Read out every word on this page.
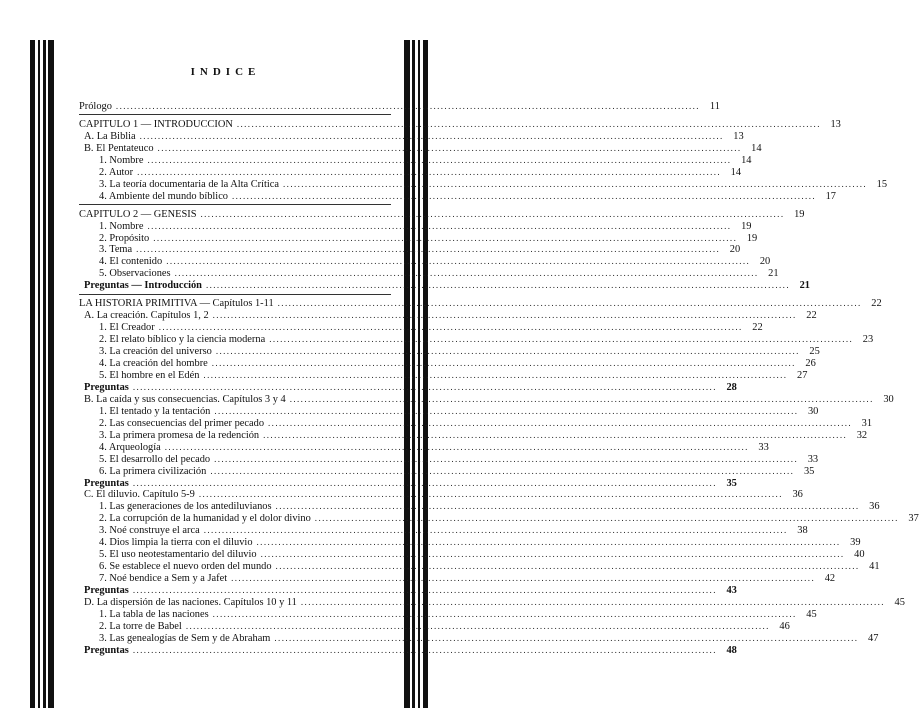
INDICE
Prólogo ................................................................................................................................................................ 11
CAPITULO 1 — INTRODUCCION ................................................................................................................................................................ 13
A. La Biblia ................................................................................................................................................................ 13
B. El Pentateuco ................................................................................................................................................................ 14
1. Nombre ................................................................................................................................................................ 14
2. Autor ................................................................................................................................................................ 14
3. La teoría documentaria de la Alta Crítica ................................................................................................................................................................ 15
4. Ambiente del mundo bíblico ................................................................................................................................................................ 17
CAPITULO 2 — GENESIS ................................................................................................................................................................ 19
1. Nombre ................................................................................................................................................................ 19
2. Propósito ................................................................................................................................................................ 19
3. Tema ................................................................................................................................................................ 20
4. El contenido ................................................................................................................................................................ 20
5. Observaciones ................................................................................................................................................................ 21
Preguntas — Introducción ................................................................................................................................................................ 21
LA HISTORIA PRIMITIVA — Capítulos 1-11 ................................................................................................................................................................ 22
A. La creación. Capítulos 1, 2 ................................................................................................................................................................ 22
1. El Creador ................................................................................................................................................................ 22
2. El relato bíblico y la ciencia moderna ................................................................................................................................................................ 23
3. La creación del universo ................................................................................................................................................................ 25
4. La creación del hombre ................................................................................................................................................................ 26
5. El hombre en el Edén ................................................................................................................................................................ 27
Preguntas ................................................................................................................................................................ 28
B. La caída y sus consecuencias. Capítulos 3 y 4 ................................................................................................................................................................ 30
1. El tentado y la tentación ................................................................................................................................................................ 30
2. Las consecuencias del primer pecado ................................................................................................................................................................ 31
3. La primera promesa de la redención ................................................................................................................................................................ 32
4. Arqueología ................................................................................................................................................................ 33
5. El desarrollo del pecado ................................................................................................................................................................ 33
6. La primera civilización ................................................................................................................................................................ 35
Preguntas ................................................................................................................................................................ 35
C. El diluvio. Capítulo 5-9 ................................................................................................................................................................ 36
1. Las generaciones de los antediluvianos ................................................................................................................................................................ 36
2. La corrupción de la humanidad y el dolor divino ................................................................................................................................................................ 37
3. Noé construye el arca ................................................................................................................................................................ 38
4. Dios limpia la tierra con el diluvio ................................................................................................................................................................ 39
5. El uso neotestamentario del diluvio ................................................................................................................................................................ 40
6. Se establece el nuevo orden del mundo ................................................................................................................................................................ 41
7. Noé bendice a Sem y a Jafet ................................................................................................................................................................ 42
Preguntas ................................................................................................................................................................ 43
D. La dispersión de las naciones. Capítulos 10 y 11 ................................................................................................................................................................ 45
1. La tabla de las naciones ................................................................................................................................................................ 45
2. La torre de Babel ................................................................................................................................................................ 46
3. Las genealogías de Sem y de Abraham ................................................................................................................................................................ 47
Preguntas ................................................................................................................................................................ 48
